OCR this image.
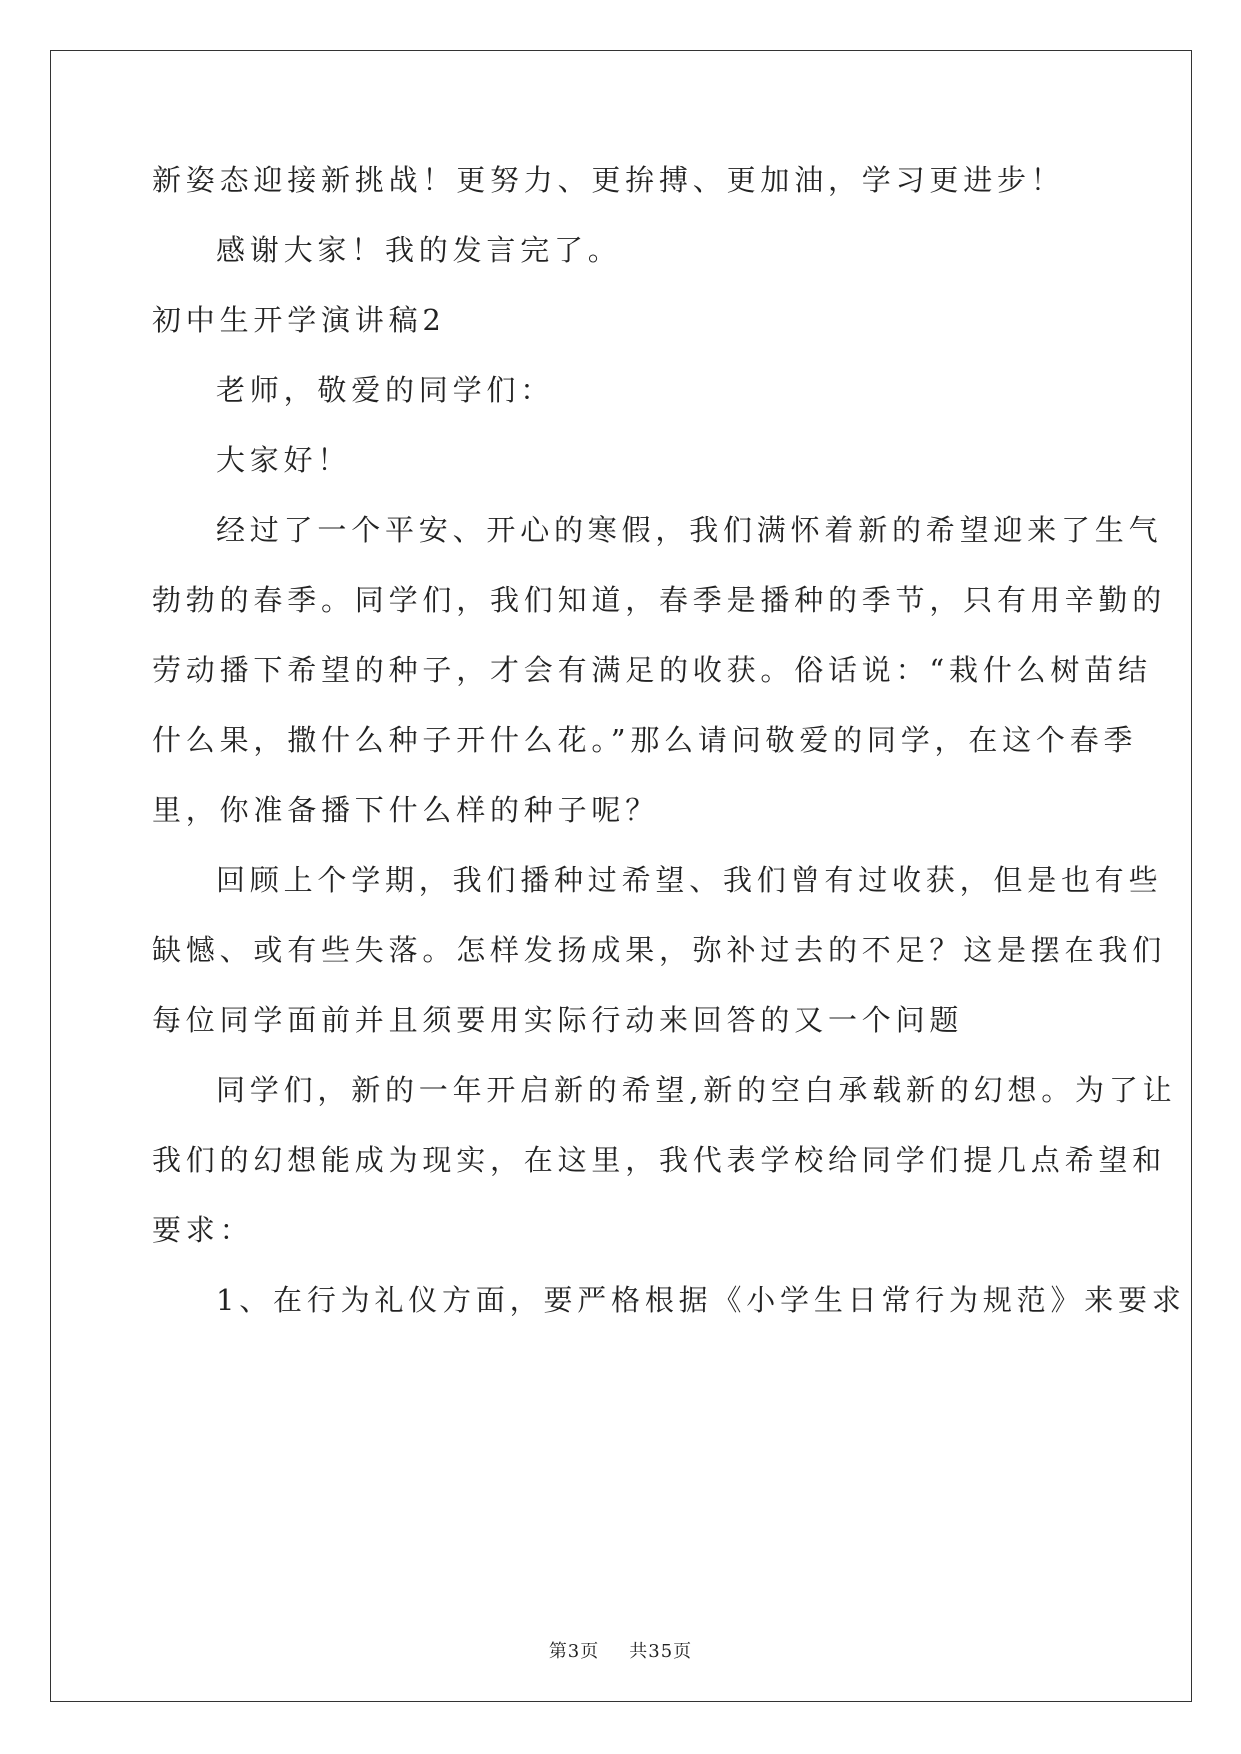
新姿态迎接新挑战！更努力、更拚搏、更加油，学习更进步！
感谢大家！我的发言完了。
初中生开学演讲稿2
老师，敬爱的同学们：
大家好！
经过了一个平安、开心的寒假，我们满怀着新的希望迎来了生气
勃勃的春季。同学们，我们知道，春季是播种的季节，只有用辛勤的
劳动播下希望的种子，才会有满足的收获。俗话说：“栽什么树苗结
什么果，撒什么种子开什么花。”那么请问敬爱的同学，在这个春季
里，你准备播下什么样的种子呢？
回顾上个学期，我们播种过希望、我们曾有过收获，但是也有些
缺憾、或有些失落。怎样发扬成果，弥补过去的不足？这是摆在我们
每位同学面前并且须要用实际行动来回答的又一个问题
同学们，新的一年开启新的希望,新的空白承载新的幻想。为了让
我们的幻想能成为现实，在这里，我代表学校给同学们提几点希望和
要求：
1、在行为礼仪方面，要严格根据《小学生日常行为规范》来要求
第3页 共35页
